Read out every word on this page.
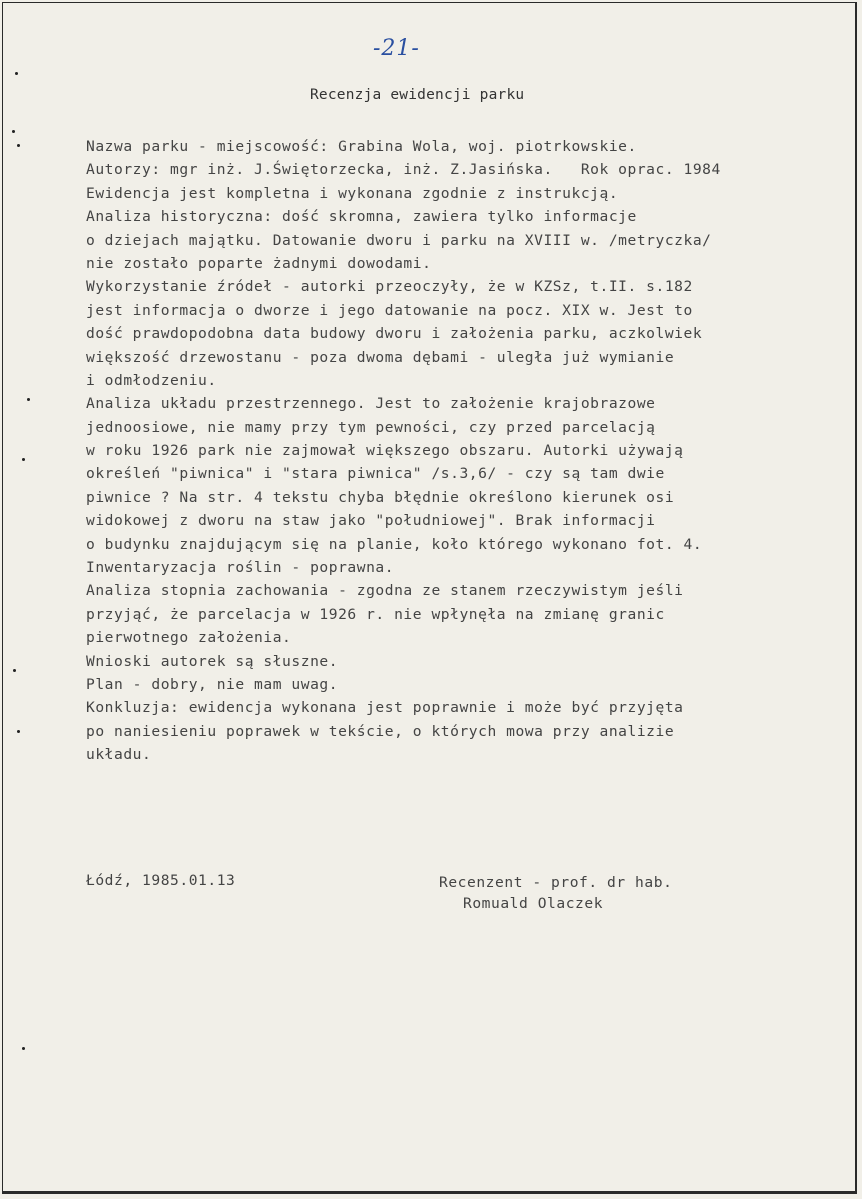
-21-
Recenzja ewidencji parku
Nazwa parku - miejscowość: Grabina Wola, woj. piotrkowskie.
Autorzy: mgr inż. J.Świętorzecka, inż. Z.Jasińska.   Rok oprac. 1984
Ewidencja jest kompletna i wykonana zgodnie z instrukcją.
Analiza historyczna: dość skromna, zawiera tylko informacje
o dziejach majątku. Datowanie dworu i parku na XVIII w. /metryczka/
nie zostało poparte żadnymi dowodami.
Wykorzystanie źródeł - autorki przeoczyły, że w KZSz, t.II. s.182
jest informacja o dworze i jego datowanie na pocz. XIX w. Jest to
dość prawdopodobna data budowy dworu i założenia parku, aczkolwiek
większość drzewostanu - poza dwoma dębami - uległa już wymianie
i odmłodzeniu.
Analiza układu przestrzennego. Jest to założenie krajobrazowe
jednoosiowe, nie mamy przy tym pewności, czy przed parcelacją
w roku 1926 park nie zajmował większego obszaru. Autorki używają
określeń "piwnica" i "stara piwnica" /s.3,6/ - czy są tam dwie
piwnice ? Na str. 4 tekstu chyba błędnie określono kierunek osi
widokowej z dworu na staw jako "południowej". Brak informacji
o budynku znajdującym się na planie, koło którego wykonano fot. 4.
Inwentaryzacja roślin - poprawna.
Analiza stopnia zachowania - zgodna ze stanem rzeczywistym jeśli
przyjąć, że parcelacja w 1926 r. nie wpłynęła na zmianę granic
pierwotnego założenia.
Wnioski autorek są słuszne.
Plan - dobry, nie mam uwag.
Konkluzja: ewidencja wykonana jest poprawnie i może być przyjęta
po naniesieniu poprawek w tekście, o których mowa przy analizie
układu.
Łódź, 1985.01.13	Recenzent - prof. dr hab.
Romuald Olaczek
